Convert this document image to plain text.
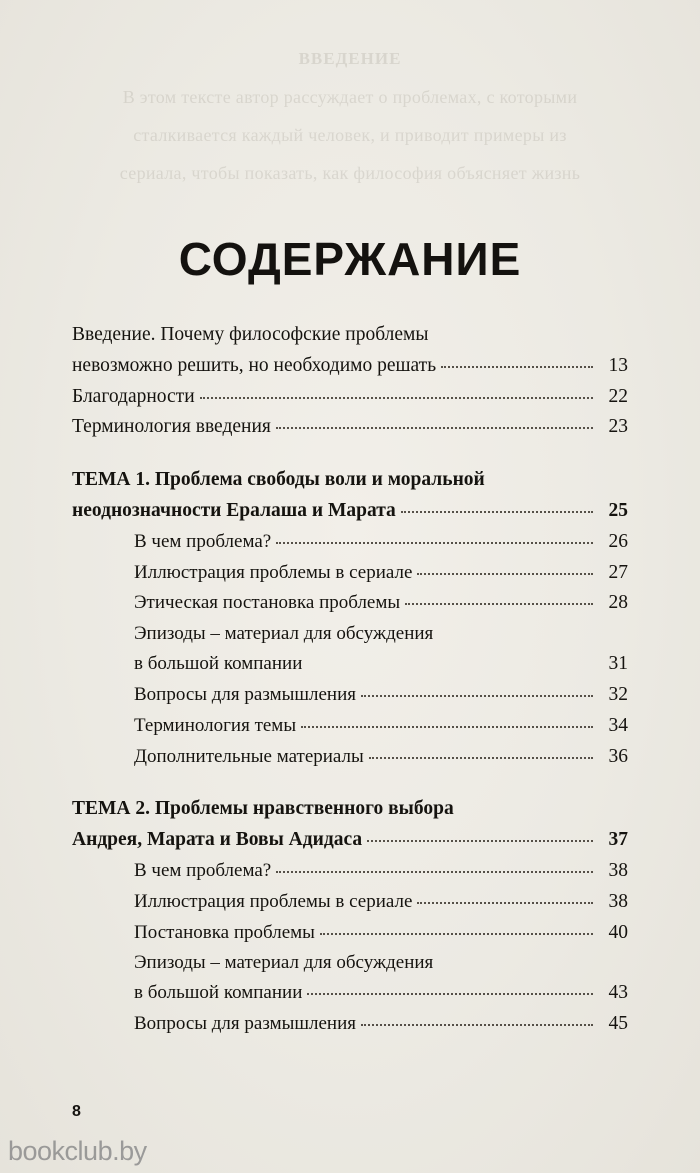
СОДЕРЖАНИЕ
Введение. Почему философские проблемы
невозможно решить, но необходимо решать	13
Благодарности	22
Терминология введения	23
ТЕМА 1. Проблема свободы воли и моральной
неоднозначности Ералаша и Марата	25
В чем проблема?	26
Иллюстрация проблемы в сериале	27
Этическая постановка проблемы	28
Эпизоды – материал для обсуждения
в большой компании	31
Вопросы для размышления	32
Терминология темы	34
Дополнительные материалы	36
ТЕМА 2. Проблемы нравственного выбора
Андрея, Марата и Вовы Адидаса	37
В чем проблема?	38
Иллюстрация проблемы в сериале	38
Постановка проблемы	40
Эпизоды – материал для обсуждения
в большой компании	43
Вопросы для размышления	45
8
bookclub.by
